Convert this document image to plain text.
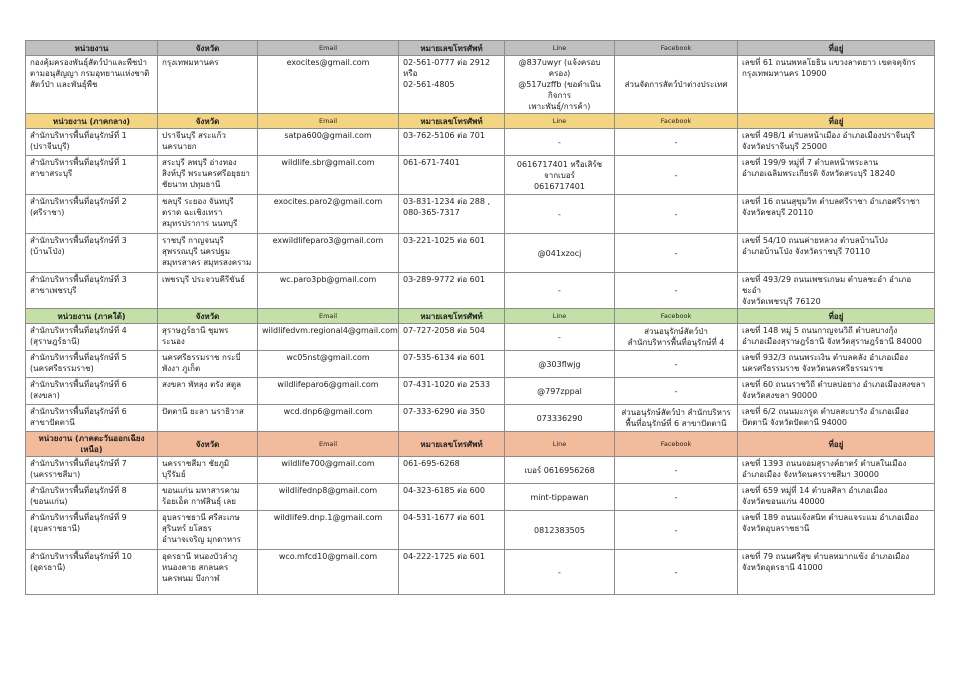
หน่วยงาน	จังหวัด	Email	หมายเลขโทรศัพท์	Line	Facebook	ที่อยู่
กองคุ้มครองพันธุ์สัตว์ป่าและพืชป่า
ตามอนุสัญญา กรมอุทยานแห่งชาติ
สัตว์ป่า และพันธุ์พืช	กรุงเทพมหานคร	exocites@gmail.com	02-561-0777 ต่อ 2912 หรือ
02-561-4805	@837uwyr (แจ้งครอบครอง)
@517uzffb (ขอดำเนินกิจการ
เพาะพันธุ์/การค้า)	ส่วนจัดการสัตว์ป่าต่างประเทศ	เลขที่ 61 ถนนพหลโยธิน แขวงลาดยาว เขตจตุจักร
กรุงเทพมหานคร 10900
หน่วยงาน (ภาคกลาง)	จังหวัด	Email	หมายเลขโทรศัพท์	Line	Facebook	ที่อยู่
สำนักบริหารพื้นที่อนุรักษ์ที่ 1
(ปราจีนบุรี)	ปราจีนบุรี สระแก้ว
นครนายก	satpa600@gmail.com	03-762-5106 ต่อ 701	-	-	เลขที่ 498/1 ตำบลหน้าเมือง อำเภอเมืองปราจีนบุรี
จังหวัดปราจีนบุรี 25000
สำนักบริหารพื้นที่อนุรักษ์ที่ 1
สาขาสระบุรี	สระบุรี ลพบุรี อ่างทอง
สิงห์บุรี พระนครศรีอยุธยา
ชัยนาท ปทุมธานี	wildlife.sbr@gmail.com	061-671-7401	0616717401 หรือเสิร์ช
จากเบอร์
0616717401	-	เลขที่ 199/9 หมู่ที่ 7 ตำบลหน้าพระลาน
อำเภอเฉลิมพระเกียรติ จังหวัดสระบุรี 18240
สำนักบริหารพื้นที่อนุรักษ์ที่ 2
(ศรีราชา)	ชลบุรี ระยอง จันทบุรี
ตราด ฉะเชิงเทรา
สมุทรปราการ นนทบุรี	exocites.paro2@gmail.com	03-831-1234 ต่อ 288 ,
080-365-7317	-	-	เลขที่ 16 ถนนสุขุมวิท ตำบลศรีราชา อำเภอศรีราชา
จังหวัดชลบุรี 20110
สำนักบริหารพื้นที่อนุรักษ์ที่ 3
(บ้านโป่ง)	ราชบุรี กาญจนบุรี
สุพรรณบุรี นครปฐม
สมุทรสาคร สมุทรสงคราม	exwildlifeparo3@gmail.com	03-221-1025 ต่อ 601	@041xzocj	-	เลขที่ 54/10 ถนนค่ายหลวง ตำบลบ้านโป่ง
อำเภอบ้านโป่ง จังหวัดราชบุรี 70110
สำนักบริหารพื้นที่อนุรักษ์ที่ 3
สาขาเพชรบุรี	เพชรบุรี ประจวบคีรีขันธ์	wc.paro3pb@gmail.com	03-289-9772 ต่อ 601	-	-	เลขที่ 493/29 ถนนเพชรเกษม ตำบลชะอำ อำเภอชะอำ
จังหวัดเพชรบุรี 76120
หน่วยงาน (ภาคใต้)	จังหวัด	Email	หมายเลขโทรศัพท์	Line	Facebook	ที่อยู่
สำนักบริหารพื้นที่อนุรักษ์ที่ 4
(สุราษฎร์ธานี)	สุราษฎร์ธานี ชุมพร
ระนอง	wildlifedvm.regional4@gmail.com	07-727-2058 ต่อ 504	-	ส่วนอนุรักษ์สัตว์ป่า
สำนักบริหารพื้นที่อนุรักษ์ที่ 4	เลขที่ 148 หมู่ 5 ถนนกาญจนวิถี ตำบลบางกุ้ง
อำเภอเมืองสุราษฎร์ธานี จังหวัดสุราษฎร์ธานี 84000
สำนักบริหารพื้นที่อนุรักษ์ที่ 5
(นครศรีธรรมราช)	นครศรีธรรมราช กระบี่
พังงา ภูเก็ต	wc05nst@gmail.com	07-535-6134 ต่อ 601	@303flwjg	-	เลขที่ 932/3 ถนนพระเงิน ตำบลคลัง อำเภอเมือง
นครศรีธรรมราช จังหวัดนครศรีธรรมราช
สำนักบริหารพื้นที่อนุรักษ์ที่ 6
(สงขลา)	สงขลา พัทลุง ตรัง สตูล	wildlifeparo6@gmail.com	07-431-1020 ต่อ 2533	@797zppal	-	เลขที่ 60 ถนนราชวิถี ตำบลบ่อยาง อำเภอเมืองสงขลา
จังหวัดสงขลา 90000
สำนักบริหารพื้นที่อนุรักษ์ที่ 6
สาขาปัตตานี	ปัตตานี ยะลา นราธิวาส	wcd.dnp6@gmail.com	07-333-6290 ต่อ 350	073336290	ส่วนอนุรักษ์สัตว์ป่า สำนักบริหาร
พื้นที่อนุรักษ์ที่ 6 สาขาปัตตานี	เลขที่ 6/2 ถนนมะกรูด ตำบลสะบารัง อำเภอเมือง
ปัตตานี จังหวัดปัตตานี 94000
หน่วยงาน (ภาคตะวันออกเฉียงเหนือ)	จังหวัด	Email	หมายเลขโทรศัพท์	Line	Facebook	ที่อยู่
สำนักบริหารพื้นที่อนุรักษ์ที่ 7
(นครราชสีมา)	นครราชสีมา ชัยภูมิ
บุรีรัมย์	wildlife700@gmail.com	061-695-6268	เบอร์ 0616956268	-	เลขที่ 1393 ถนนจอมสุรางค์ยาตร์ ตำบลในเมือง
อำเภอเมือง จังหวัดนครราชสีมา 30000
สำนักบริหารพื้นที่อนุรักษ์ที่ 8
(ขอนแก่น)	ขอนแก่น มหาสารคาม
ร้อยเอ็ด กาฬสินธุ์ เลย	wildlifednp8@gmail.com	04-323-6185 ต่อ 600	mint-tippawan	-	เลขที่ 659 หมู่ที่ 14 ตำบลศิลา อำเภอเมือง
จังหวัดขอนแก่น 40000
สำนักบริหารพื้นที่อนุรักษ์ที่ 9
(อุบลราชธานี)	อุบลราชธานี ศรีสะเกษ
สุรินทร์ ยโสธร
อำนาจเจริญ มุกดาหาร	wildlife9.dnp.1@gmail.com	04-531-1677 ต่อ 601	0812383505	-	เลขที่ 189 ถนนแจ้งสนิท ตำบลแจระแม อำเภอเมือง
จังหวัดอุบลราชธานี
สำนักบริหารพื้นที่อนุรักษ์ที่ 10
(อุดรธานี)	อุดรธานี หนองบัวลำภู
หนองคาย สกลนคร
นครพนม บึงกาฬ	wco.mfcd10@gmail.com	04-222-1725 ต่อ 601	-	-	เลขที่ 79 ถนนศรีสุข ตำบลหมากแข้ง อำเภอเมือง
จังหวัดอุดรธานี 41000
